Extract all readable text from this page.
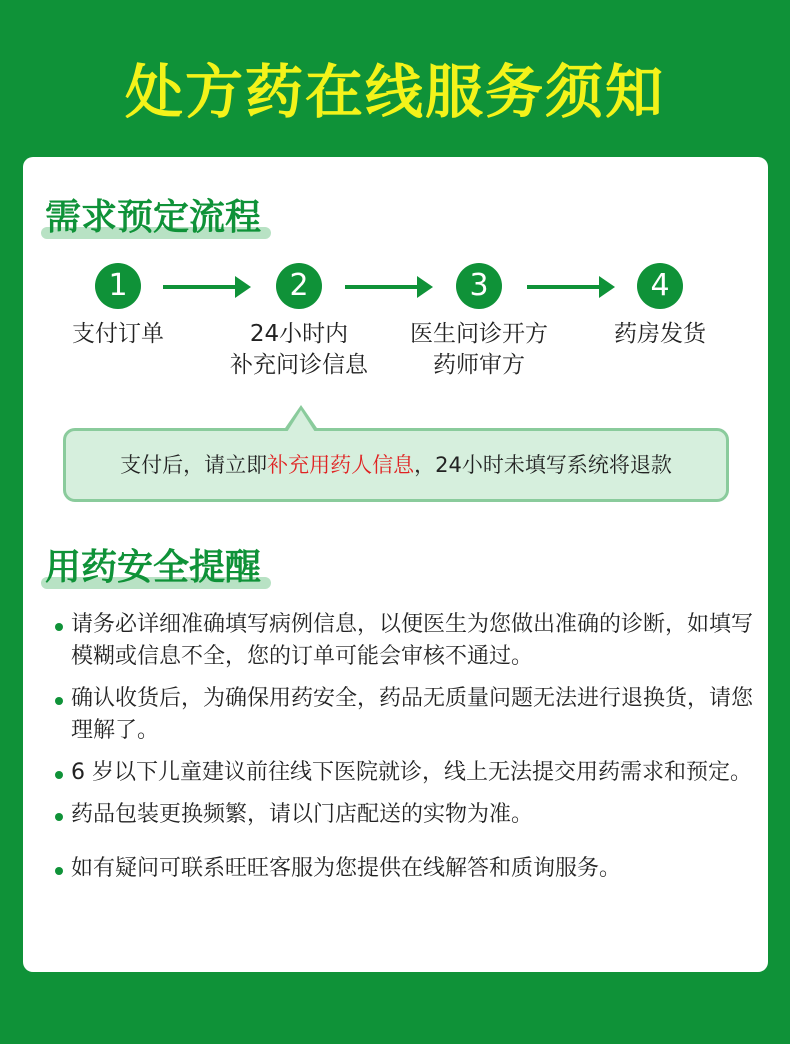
处方药在线服务须知
需求预定流程
1	2	3	4
支付订单	24小时内
补充问诊信息
医生问诊开方
药师审方
药房发货
支付后，请立即补充用药人信息，24小时未填写系统将退款
用药安全提醒
请务必详细准确填写病例信息，以便医生为您做出准确的诊断，如填写模糊或信息不全，您的订单可能会审核不通过。
确认收货后，为确保用药安全，药品无质量问题无法进行退换货，请您理解了。
6 岁以下儿童建议前往线下医院就诊，线上无法提交用药需求和预定。
药品包装更换频繁，请以门店配送的实物为准。
如有疑问可联系旺旺客服为您提供在线解答和质询服务。
